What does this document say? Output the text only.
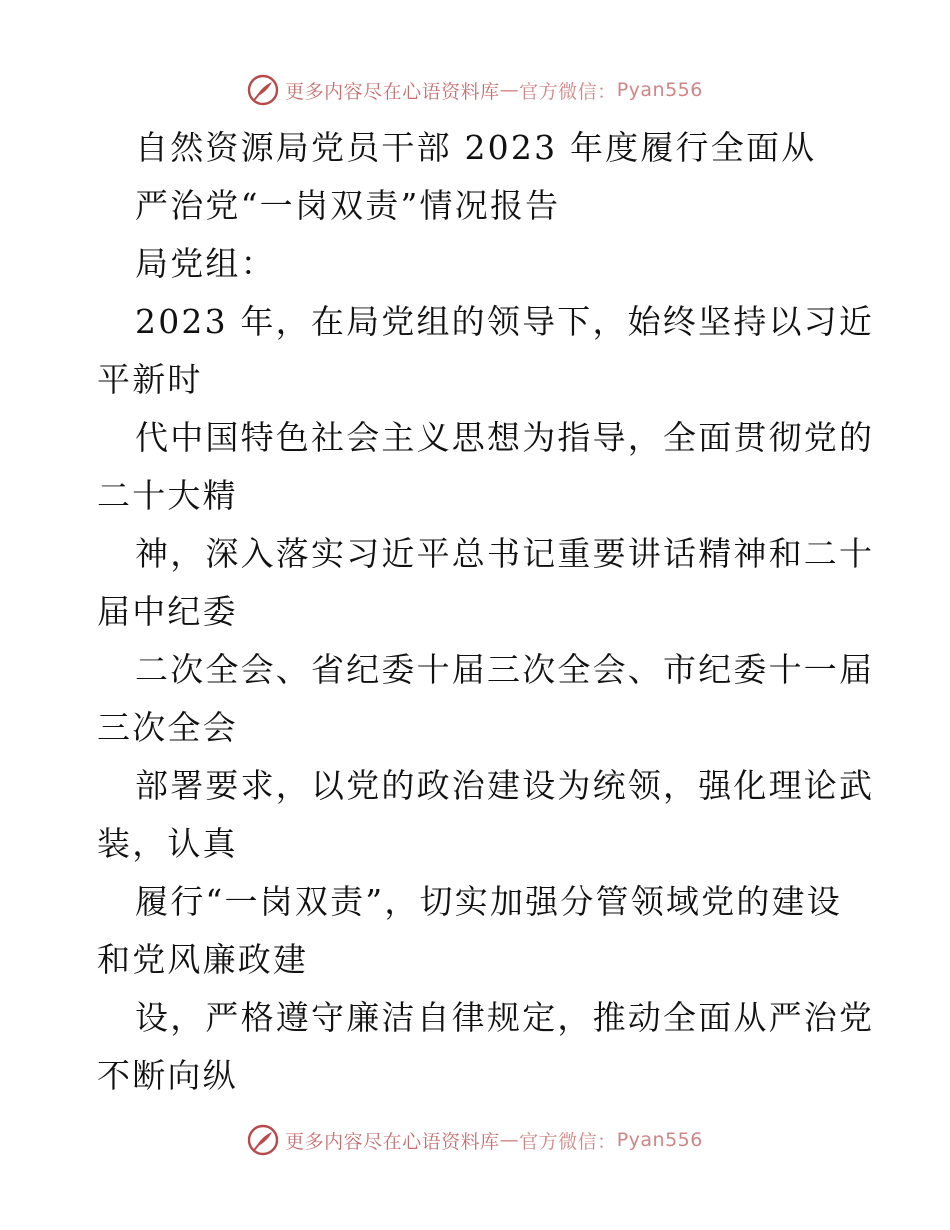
更多内容尽在心语资料库 — 官方微信： Pyan556
自然资源局党员干部 2023 年度履行全面从
严治党“一岗双责”情况报告
局党组：
2023 年，在局党组的领导下，始终坚持以习近
平新时
代中国特色社会主义思想为指导，全面贯彻党的
二十大精
神，深入落实习近平总书记重要讲话精神和二十
届中纪委
二次全会、省纪委十届三次全会、市纪委十一届
三次全会
部署要求，以党的政治建设为统领，强化理论武
装，认真
履行“一岗双责”，切实加强分管领域党的建设
和党风廉政建
设，严格遵守廉洁自律规定，推动全面从严治党
不断向纵
更多内容尽在心语资料库 — 官方微信： Pyan556
